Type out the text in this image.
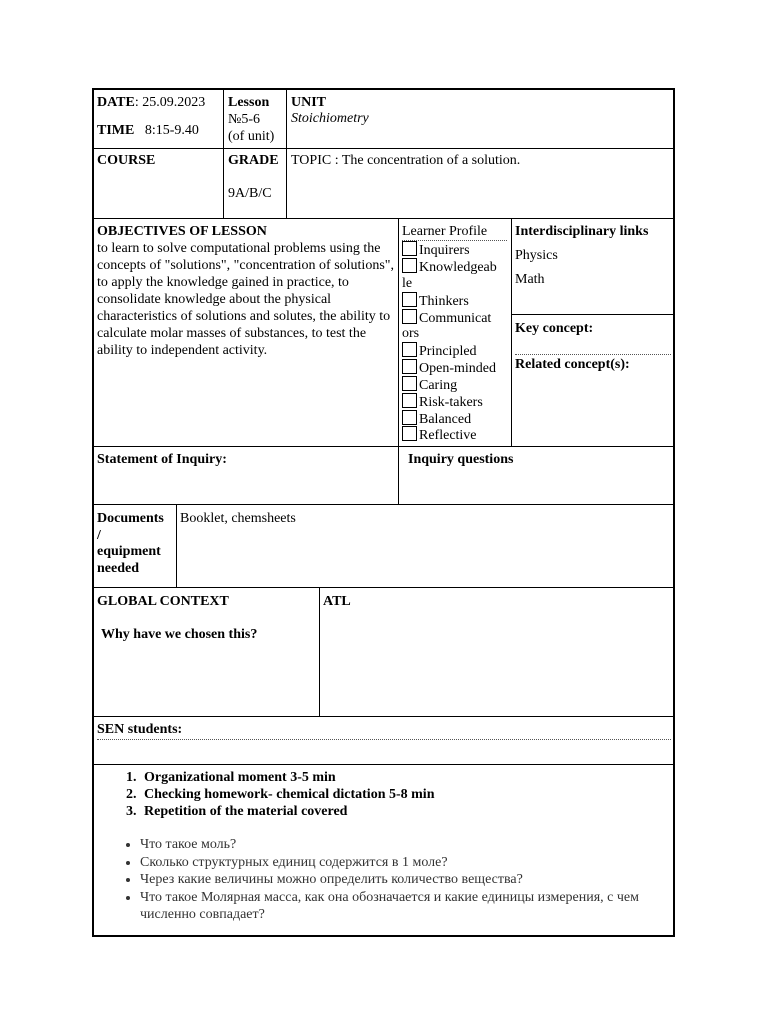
DATE: 25.09.2023
TIME 8:15-9.40
Lesson
№5-6
(of unit)
UNIT
Stoichiometry
COURSE	GRADE
9A/B/C
TOPIC : The concentration of a solution.
OBJECTIVES OF LESSON
to learn to solve computational problems using the concepts of "solutions", "concentration of solutions", to apply the knowledge gained in practice, to consolidate knowledge about the physical characteristics of solutions and solutes, the ability to calculate molar masses of substances, to test the ability to independent activity.
Learner Profile
Inquirers
Knowledgeab
le
Thinkers
Communicat
ors
Principled
Open-minded
Caring
Risk-takers
Balanced
Reflective
Interdisciplinary links
Physics
Math
Key concept:
Related concept(s):
Statement of Inquiry:	Inquiry questions
Documents
/
equipment
needed
Booklet, chemsheets
GLOBAL CONTEXT
Why have we chosen this?
ATL
SEN students:
1. Organizational moment 3-5 min
2. Checking homework- chemical dictation 5-8 min
3. Repetition of the material covered
• Что такое моль?
• Сколько структурных единиц содержится в 1 моле?
• Через какие величины можно определить количество вещества?
• Что такое Молярная масса, как она обозначается и какие единицы измерения, с чем численно совпадает?
